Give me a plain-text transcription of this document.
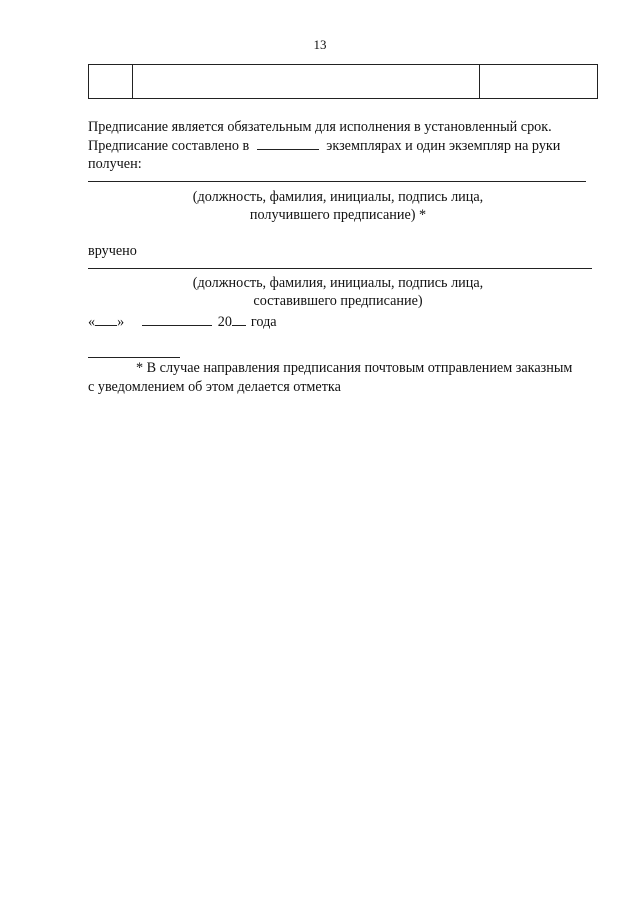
13

Предписание является обязательным для исполнения в установленный срок.
Предписание составлено в	экземплярах и один экземпляр на руки
получен:
(должность, фамилия, инициалы, подпись лица,
получившего предписание) *
вручено
(должность, фамилия, инициалы, подпись лица,
составившего предписание)
« »	20 года
* В случае направления предписания почтовым отправлением заказным
с уведомлением об этом делается отметка
